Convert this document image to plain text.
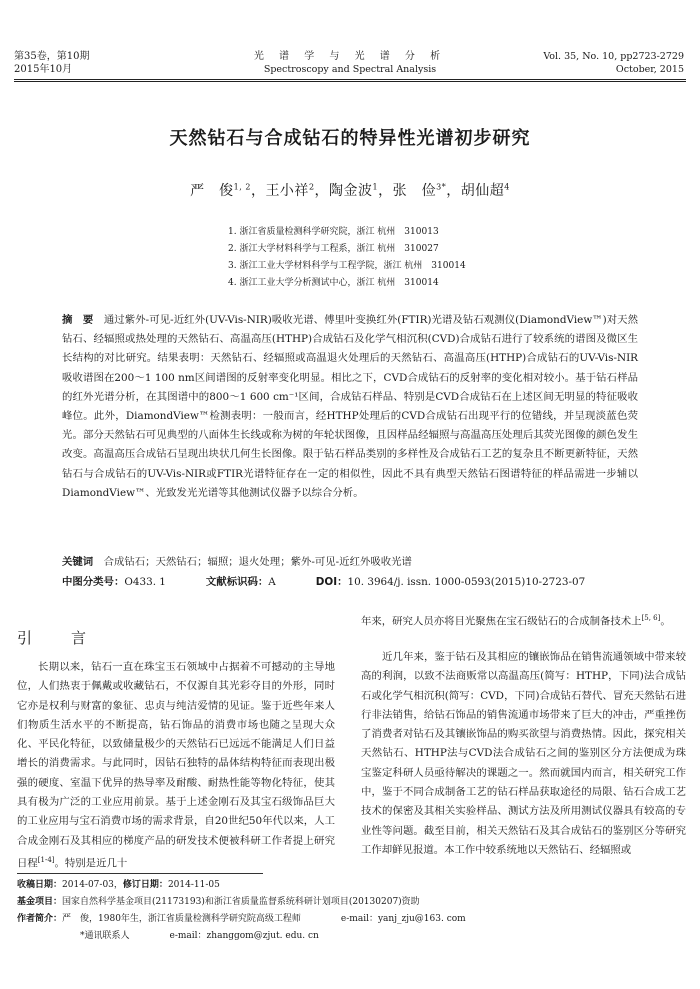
第35卷，第10期
2015年10月
光 谱 学 与 光 谱 分 析
Spectroscopy and Spectral Analysis
Vol. 35, No. 10, pp2723-2729
October, 2015
天然钻石与合成钻石的特异性光谱初步研究
严　俊$^{1, 2}$，王小祥$^2$，陶金波$^1$，张　俭$^{3*}$，胡仙超$^4$
1. 浙江省质量检测科学研究院，浙江 杭州　310013
2. 浙江大学材料科学与工程系，浙江 杭州　310027
3. 浙江工业大学材料科学与工程学院，浙江 杭州　310014
4. 浙江工业大学分析测试中心，浙江 杭州　310014
摘　要　 通过紫外-可见-近红外(UV-Vis-NIR)吸收光谱、傅里叶变换红外(FTIR)光谱及钻石观测仪(DiamondView™)对天然钻石、经辐照或热处理的天然钻石、高温高压(HTHP)合成钻石及化学气相沉积(CVD)合成钻石进行了较系统的谱图及微区生长结构的对比研究。结果表明：天然钻石、经辐照或高温退火处理后的天然钻石、高温高压(HTHP)合成钻石的UV-Vis-NIR吸收谱图在200～1 100 nm区间谱图的反射率变化明显。相比之下，CVD合成钻石的反射率的变化相对较小。基于钻石样品的红外光谱分析，在其图谱中的800～1 600 cm⁻¹区间，合成钻石样品、特别是CVD合成钻石在上述区间无明显的特征吸收峰位。此外，DiamondView™检测表明：一般而言，经HTHP处理后的CVD合成钻石出现平行的位错线，并呈现淡蓝色荧光。部分天然钻石可见典型的八面体生长线或称为树的年轮状图像，且因样品经辐照与高温高压处理后其荧光图像的颜色发生改变。高温高压合成钻石呈现出块状几何生长图像。限于钻石样品类别的多样性及合成钻石工艺的复杂且不断更新特征，天然钻石与合成钻石的UV-Vis-NIR或FTIR光谱特征存在一定的相似性，因此不具有典型天然钻石图谱特征的样品需进一步辅以DiamondView™、光致发光光谱等其他测试仪器予以综合分析。
关键词　 合成钻石；天然钻石；辐照；退火处理；紫外-可见-近红外吸收光谱
中图分类号：O433. 1	文献标识码：A	DOI：10. 3964/j. issn. 1000-0593(2015)10-2723-07
引　言
长期以来，钻石一直在珠宝玉石领域中占据着不可撼动的主导地位，人们热衷于佩戴或收藏钻石，不仅源自其光彩夺目的外形，同时它亦是权利与财富的象征、忠贞与纯洁爱情的见证。鉴于近些年来人们物质生活水平的不断提高，钻石饰品的消费市场也随之呈现大众化、平民化特征，以致储量极少的天然钻石已远远不能满足人们日益增长的消费需求。与此同时，因钻石独特的晶体结构特征而表现出极强的硬度、室温下优异的热导率及耐酸、耐热性能等物化特征，使其具有极为广泛的工业应用前景。基于上述金刚石及其宝石级饰品巨大的工业应用与宝石消费市场的需求背景，自20世纪50年代以来，人工合成金刚石及其相应的梯度产品的研发技术便被科研工作者提上研究日程[1-4]。特别是近几十
年来，研究人员亦将目光聚焦在宝石级钻石的合成制备技术上[5, 6]。
近几年来，鉴于钻石及其相应的镶嵌饰品在销售流通领域中带来较高的利润，以致不法商贩常以高温高压(简写：HTHP，下同)法合成钻石或化学气相沉积(简写：CVD，下同)合成钻石替代、冒充天然钻石进行非法销售，给钻石饰品的销售流通市场带来了巨大的冲击，严重挫伤了消费者对钻石及其镶嵌饰品的购买欲望与消费热情。因此，探究相关天然钻石、HTHP法与CVD法合成钻石之间的鉴别区分方法便成为珠宝鉴定科研人员亟待解决的课题之一。然而就国内而言，相关研究工作中，鉴于不同合成制备工艺的钻石样品获取途径的局限、钻石合成工艺技术的保密及其相关实验样品、测试方法及所用测试仪器具有较高的专业性等问题。截至目前，相关天然钻石及其合成钻石的鉴别区分等研究工作却鲜见报道。本工作中较系统地以天然钻石、经辐照或
收稿日期：2014-07-03，修订日期：2014-11-05
基金项目：国家自然科学基金项目(21173193)和浙江省质量监督系统科研计划项目(20130207)资助
作者简介：严　俊，1980年生，浙江省质量检测科学研究院高级工程师	e-mail：yanj_zju@163. com
*通讯联系人	e-mail：zhanggom@zjut. edu. cn
